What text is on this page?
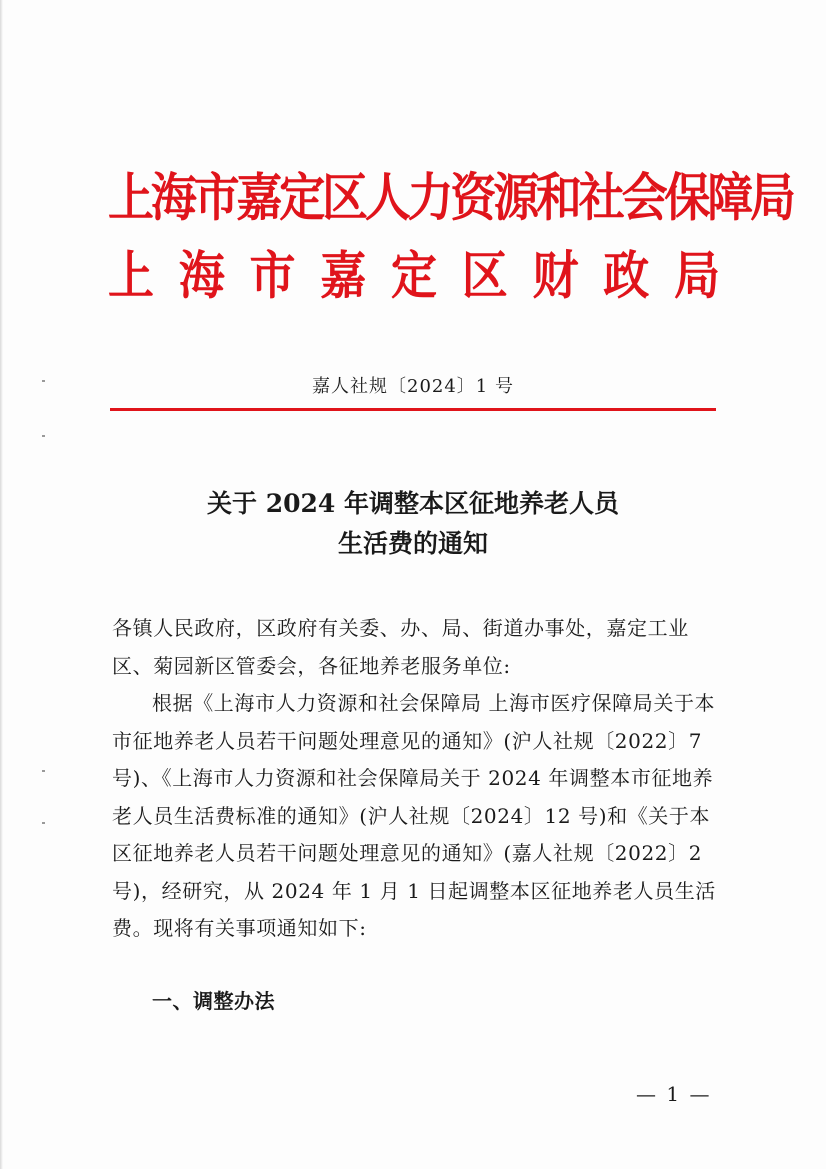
上海市嘉定区人力资源和社会保障局
上 海 市 嘉 定 区 财 政 局
嘉人社规〔2024〕1 号
关于 2024 年调整本区征地养老人员
生活费的通知
各镇人民政府，区政府有关委、办、局、街道办事处，嘉定工业区、菊园新区管委会，各征地养老服务单位:
根据《上海市人力资源和社会保障局 上海市医疗保障局关于本市征地养老人员若干问题处理意见的通知》(沪人社规〔2022〕7 号)、《上海市人力资源和社会保障局关于 2024 年调整本市征地养老人员生活费标准的通知》(沪人社规〔2024〕12 号)和《关于本区征地养老人员若干问题处理意见的通知》(嘉人社规〔2022〕2 号)，经研究，从 2024 年 1 月 1 日起调整本区征地养老人员生活费。现将有关事项通知如下:
一、调整办法
— 1 —
